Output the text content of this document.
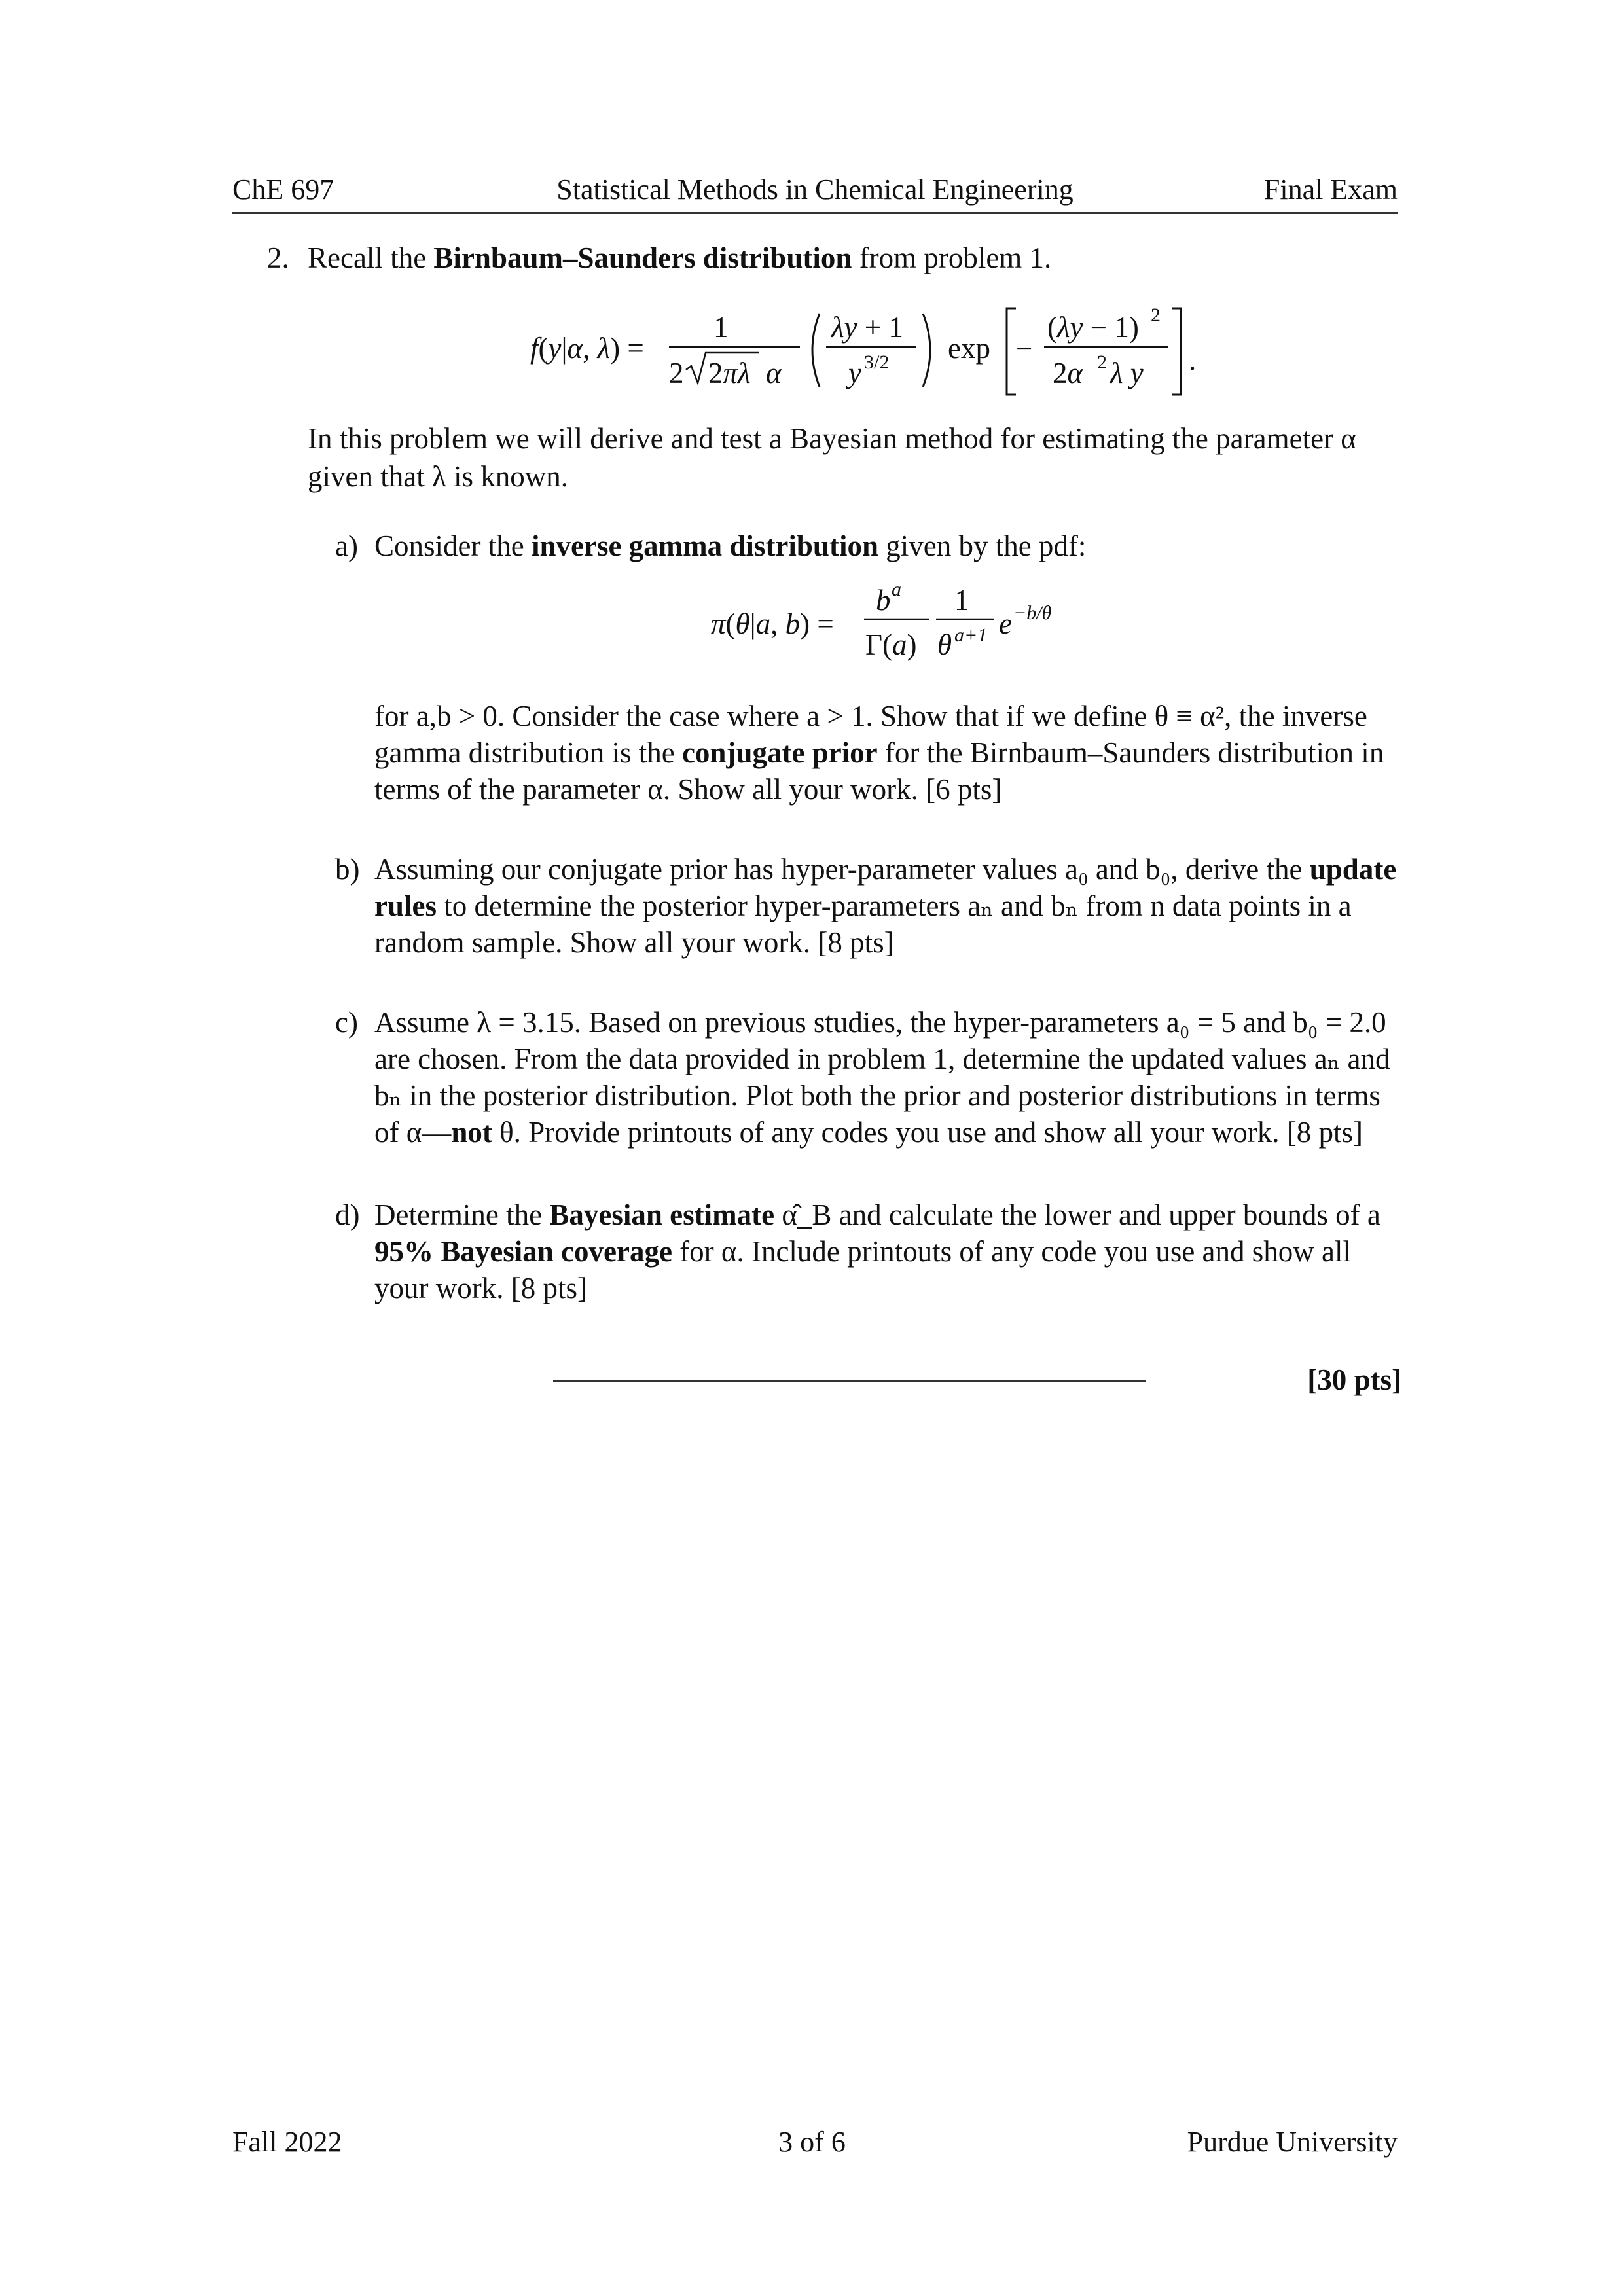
Statistical Methods in Chemical Engineering
ChE 697	Final Exam
2. Recall the Birnbaum–Saunders distribution from problem 1.
f(y|α, λ) =
1
2 2πλ α
λy + 1
y 3/2 exp −
(λy − 1) 2
2α 2 λ y .
In this problem we will derive and test a Bayesian method for estimating the parameter α
given that λ is known.
a) Consider the inverse gamma distribution given by the pdf:
π(θ|a, b) =
b a
Γ(a)
1
θ a+1 e −b/θ
for a,b > 0. Consider the case where a > 1. Show that if we define θ ≡ α², the inverse
gamma distribution is the conjugate prior for the Birnbaum–Saunders distribution in
terms of the parameter α. Show all your work. [6 pts]
b) Assuming our conjugate prior has hyper-parameter values a₀ and b₀, derive the update
rules to determine the posterior hyper-parameters aₙ and bₙ from n data points in a
random sample. Show all your work. [8 pts]
c) Assume λ = 3.15. Based on previous studies, the hyper-parameters a₀ = 5 and b₀ = 2.0
are chosen. From the data provided in problem 1, determine the updated values aₙ and
bₙ in the posterior distribution. Plot both the prior and posterior distributions in terms
of α—not θ. Provide printouts of any codes you use and show all your work. [8 pts]
d) Determine the Bayesian estimate α̂_B and calculate the lower and upper bounds of a
95% Bayesian coverage for α. Include printouts of any code you use and show all
your work. [8 pts]
[30 pts]
Fall 2022	3 of 6	Purdue University
